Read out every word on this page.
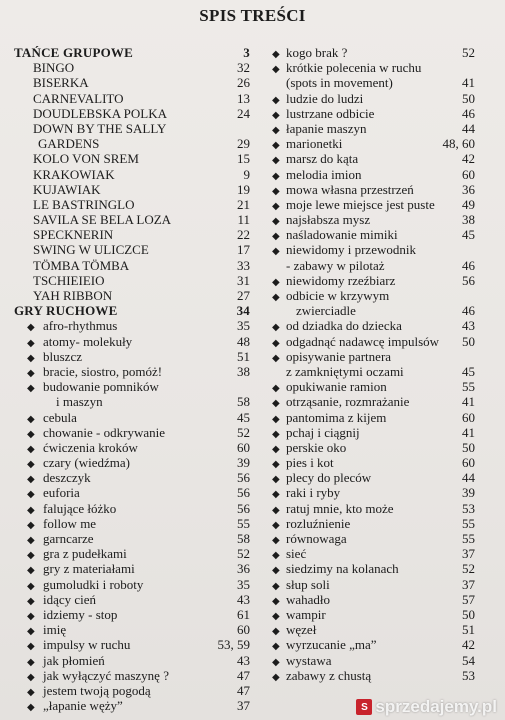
SPIS TREŚCI
TAŃCE GRUPOWE	3
BINGO	32
BISERKA	26
CARNEVALITO	13
DOUDLEBSKA POLKA	24
DOWN BY THE SALLY
GARDENS	29
KOLO VON SREM	15
KRAKOWIAK	9
KUJAWIAK	19
LE BASTRINGLO	21
SAVILA SE BELA LOZA	11
SPECKNERIN	22
SWING W ULICZCE	17
TÖMBA TÖMBA	33
TSCHIEIEIO	31
YAH RIBBON	27
GRY RUCHOWE	34
◆ afro-rhythmus	35
◆ atomy- molekuły	48
◆ bluszcz	51
◆ bracie, siostro, pomóż!	38
◆ budowanie pomników
i maszyn	58
◆ cebula	45
◆ chowanie - odkrywanie	52
◆ ćwiczenia kroków	60
◆ czary (wiedźma)	39
◆ deszczyk	56
◆ euforia	56
◆ falujące łóżko	56
◆ follow me	55
◆ garncarze	58
◆ gra z pudełkami	52
◆ gry z materiałami	36
◆ gumoludki i roboty	35
◆ idący cień	43
◆ idziemy - stop	61
◆ imię	60
◆ impulsy w ruchu	53, 59
◆ jak płomień	43
◆ jak wyłączyć maszynę ?	47
◆ jestem twoją pogodą	47
◆ „łapanie węży”	37
◆ kogo brak ?	52
◆ krótkie polecenia w ruchu
(spots in movement)	41
◆ ludzie do ludzi	50
◆ lustrzane odbicie	46
◆ łapanie maszyn	44
◆ marionetki	48, 60
◆ marsz do kąta	42
◆ melodia imion	60
◆ mowa własna przestrzeń	36
◆ moje lewe miejsce jest puste 49
◆ najsłabsza mysz	38
◆ naśladowanie mimiki	45
◆ niewidomy i przewodnik
- zabawy w pilotaż	46
◆ niewidomy rzeźbiarz	56
◆ odbicie w krzywym
zwierciadle	46
◆ od dziadka do dziecka	43
◆ odgadnąć nadawcę impulsów 50
◆ opisywanie partnera
z zamkniętymi oczami	45
◆ opukiwanie ramion	55
◆ otrząsanie, rozmrażanie	41
◆ pantomima z kijem	60
◆ pchaj i ciągnij	41
◆ perskie oko	50
◆ pies i kot	60
◆ plecy do pleców	44
◆ raki i ryby	39
◆ ratuj mnie, kto może	53
◆ rozluźnienie	55
◆ równowaga	55
◆ sieć	37
◆ siedzimy na kolanach	52
◆ słup soli	37
◆ wahadło	57
◆ wampir	50
◆ węzeł	51
◆ wyrzucanie „ma”	42
◆ wystawa	54
◆ zabawy z chustą	53
S sprzedajemy.pl
